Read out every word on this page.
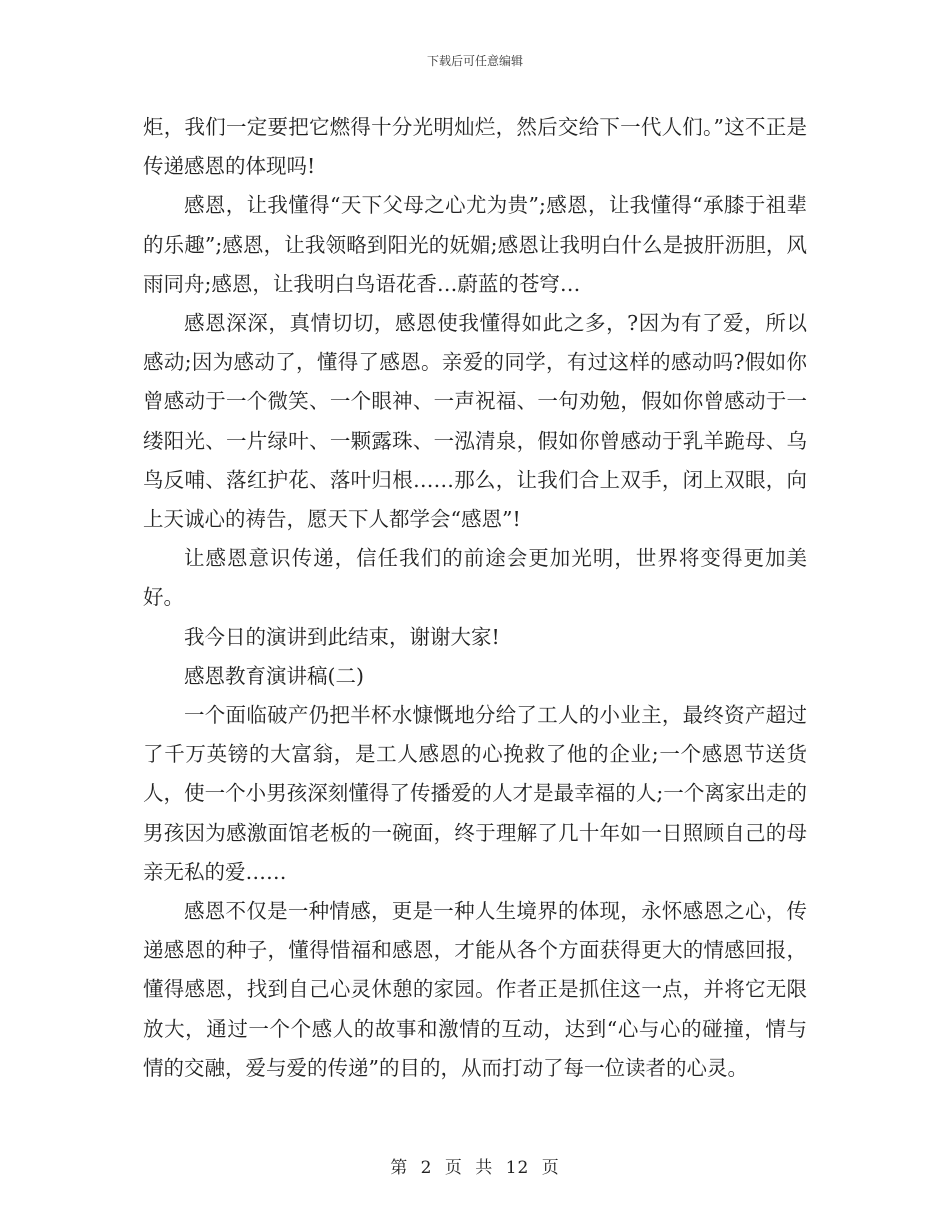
下载后可任意编辑

炬，我们一定要把它燃得十分光明灿烂，然后交给下一代人们。”这不正是传递感恩的体现吗!

感恩，让我懂得“天下父母之心尤为贵”;感恩，让我懂得“承膝于祖辈的乐趣”;感恩，让我领略到阳光的妩媚;感恩让我明白什么是披肝沥胆，风雨同舟;感恩，让我明白鸟语花香…蔚蓝的苍穹…

感恩深深，真情切切，感恩使我懂得如此之多，?因为有了爱，所以感动;因为感动了，懂得了感恩。亲爱的同学，有过这样的感动吗?假如你曾感动于一个微笑、一个眼神、一声祝福、一句劝勉，假如你曾感动于一缕阳光、一片绿叶、一颗露珠、一泓清泉，假如你曾感动于乳羊跪母、乌鸟反哺、落红护花、落叶归根……那么，让我们合上双手，闭上双眼，向上天诚心的祷告，愿天下人都学会“感恩”!

让感恩意识传递，信任我们的前途会更加光明，世界将变得更加美好。

我今日的演讲到此结束，谢谢大家!

感恩教育演讲稿(二)

一个面临破产仍把半杯水慷慨地分给了工人的小业主，最终资产超过了千万英镑的大富翁，是工人感恩的心挽救了他的企业;一个感恩节送货人，使一个小男孩深刻懂得了传播爱的人才是最幸福的人;一个离家出走的男孩因为感激面馆老板的一碗面，终于理解了几十年如一日照顾自己的母亲无私的爱……

感恩不仅是一种情感，更是一种人生境界的体现，永怀感恩之心，传递感恩的种子，懂得惜福和感恩，才能从各个方面获得更大的情感回报，懂得感恩，找到自己心灵休憩的家园。作者正是抓住这一点，并将它无限放大，通过一个个感人的故事和激情的互动，达到“心与心的碰撞，情与情的交融，爱与爱的传递”的目的，从而打动了每一位读者的心灵。

第 2 页 共 12 页
